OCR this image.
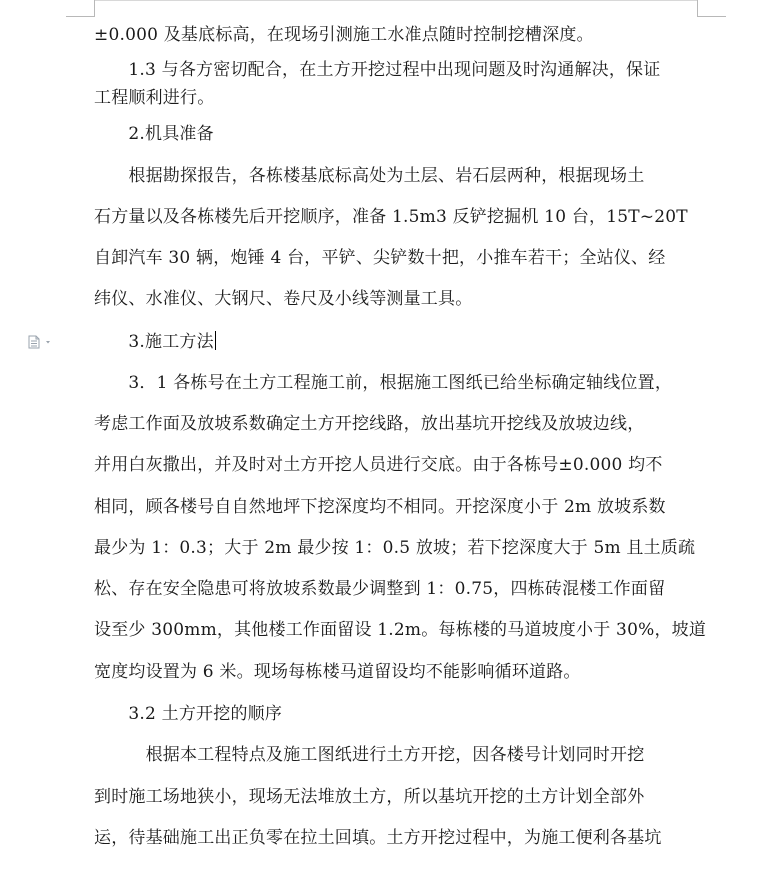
±0.000 及基底标高，在现场引测施工水准点随时控制挖槽深度。
　　1.3 与各方密切配合，在土方开挖过程中出现问题及时沟通解决，保证
工程顺利进行。
　　2.机具准备
　　根据勘探报告，各栋楼基底标高处为土层、岩石层两种，根据现场土
石方量以及各栋楼先后开挖顺序，准备 1.5m3 反铲挖掘机 10 台，15T~20T
自卸汽车 30 辆，炮锤 4 台，平铲、尖铲数十把，小推车若干；全站仪、经
纬仪、水准仪、大钢尺、卷尺及小线等测量工具。
　　3.施工方法
　　3．1 各栋号在土方工程施工前，根据施工图纸已给坐标确定轴线位置，
考虑工作面及放坡系数确定土方开挖线路，放出基坑开挖线及放坡边线，
并用白灰撒出，并及时对土方开挖人员进行交底。由于各栋号±0.000 均不
相同，顾各楼号自自然地坪下挖深度均不相同。开挖深度小于 2m 放坡系数
最少为 1：0.3；大于 2m 最少按 1：0.5 放坡；若下挖深度大于 5m 且土质疏
松、存在安全隐患可将放坡系数最少调整到 1：0.75，四栋砖混楼工作面留
设至少 300mm，其他楼工作面留设 1.2m。每栋楼的马道坡度小于 30%，坡道
宽度均设置为 6 米。现场每栋楼马道留设均不能影响循环道路。
　　3.2 土方开挖的顺序
　　　根据本工程特点及施工图纸进行土方开挖，因各楼号计划同时开挖
到时施工场地狭小，现场无法堆放土方，所以基坑开挖的土方计划全部外
运，待基础施工出正负零在拉土回填。土方开挖过程中，为施工便利各基坑
